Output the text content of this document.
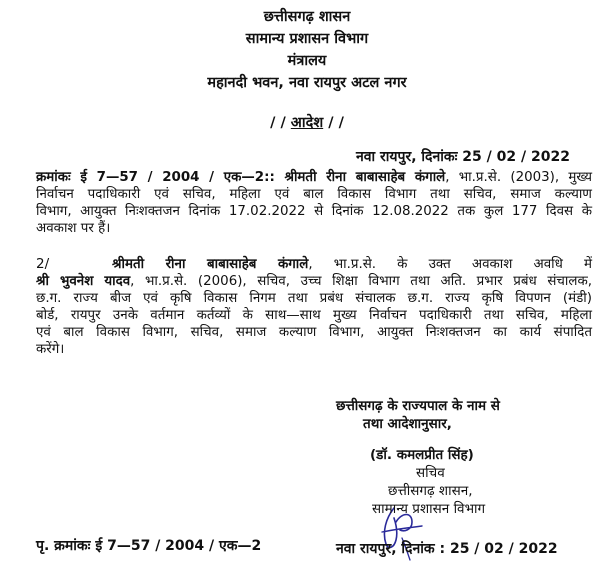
छत्तीसगढ़ शासन
सामान्य प्रशासन विभाग
मंत्रालय
महानदी भवन, नवा रायपुर अटल नगर
/ / आदेश / /
नवा रायपुर, दिनांकः 25 / 02 / 2022
क्रमांकः ई 7—57 / 2004 / एक—2:: श्रीमती रीना बाबासाहेब कंगाले, भा.प्र.से. (2003), मुख्य
निर्वाचन पदाधिकारी एवं सचिव, महिला एवं बाल विकास विभाग तथा सचिव, समाज कल्याण
विभाग, आयुक्त निःशक्तजन दिनांक 17.02.2022 से दिनांक 12.08.2022 तक कुल 177 दिवस के
अवकाश पर हैं।
2/	श्रीमती रीना बाबासाहेब कंगाले, भा.प्र.से. के उक्त अवकाश अवधि में
श्री भुवनेश यादव, भा.प्र.से. (2006), सचिव, उच्च शिक्षा विभाग तथा अति. प्रभार प्रबंध संचालक,
छ.ग. राज्य बीज एवं कृषि विकास निगम तथा प्रबंध संचालक छ.ग. राज्य कृषि विपणन (मंडी)
बोर्ड, रायपुर उनके वर्तमान कर्तव्यों के साथ—साथ मुख्य निर्वाचन पदाधिकारी तथा सचिव, महिला
एवं बाल विकास विभाग, सचिव, समाज कल्याण विभाग, आयुक्त निःशक्तजन का कार्य संपादित
करेंगे।
छत्तीसगढ़ के राज्यपाल के नाम से
तथा आदेशानुसार,
(डॉ. कमलप्रीत सिंह)
सचिव
छत्तीसगढ़ शासन,
सामान्य प्रशासन विभाग
पृ. क्रमांकः ई 7—57 / 2004 / एक—2	नवा रायपुर, दिनांक : 25 / 02 / 2022
